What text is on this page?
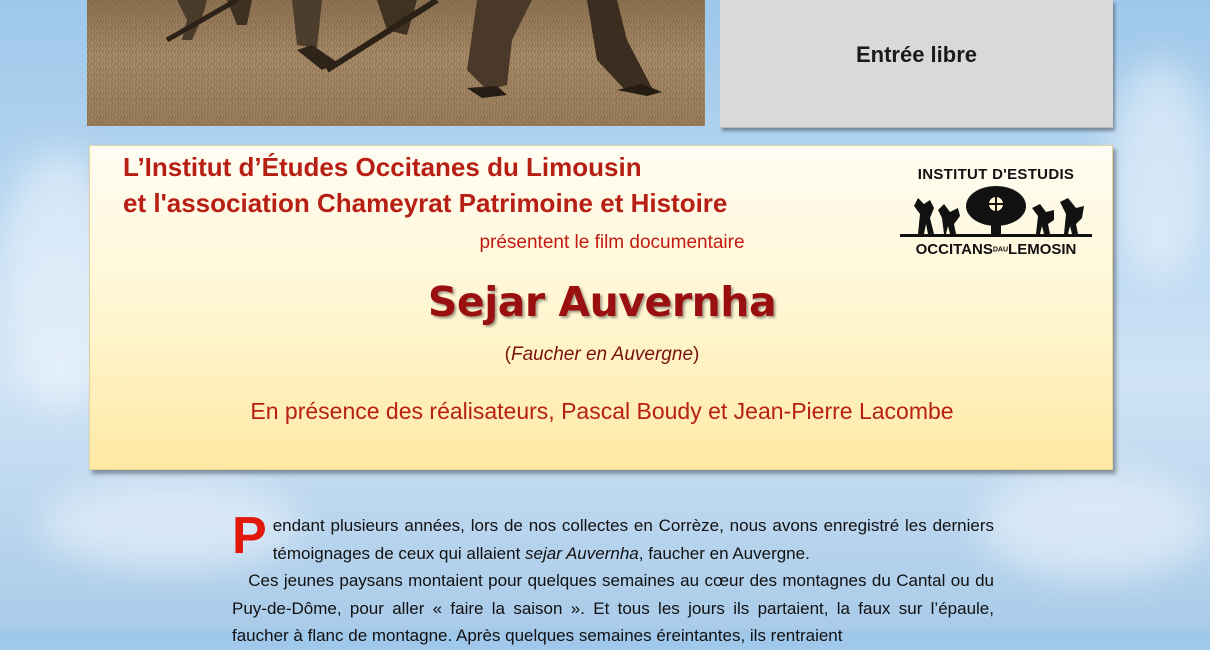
Entrée libre
L’Institut d’Études Occitanes du Limousin
et l'association Chameyrat Patrimoine et Histoire
présentent le film documentaire
Sejar Auvernha
(Faucher en Auvergne)
En présence des réalisateurs, Pascal Boudy et Jean-Pierre Lacombe
INSTITUT D'ESTUDIS
OCCITANSDAULEMOSIN

Pendant plusieurs années, lors de nos collectes en Corrèze, nous avons enregistré les derniers témoignages de ceux qui allaient sejar Auvernha, faucher en Auvergne.

Ces jeunes paysans montaient pour quelques semaines au cœur des montagnes du Cantal ou du Puy-de-Dôme, pour aller « faire la saison ». Et tous les jours ils partaient, la faux sur l’épaule, faucher à flanc de montagne. Après quelques semaines éreintantes, ils rentraient
